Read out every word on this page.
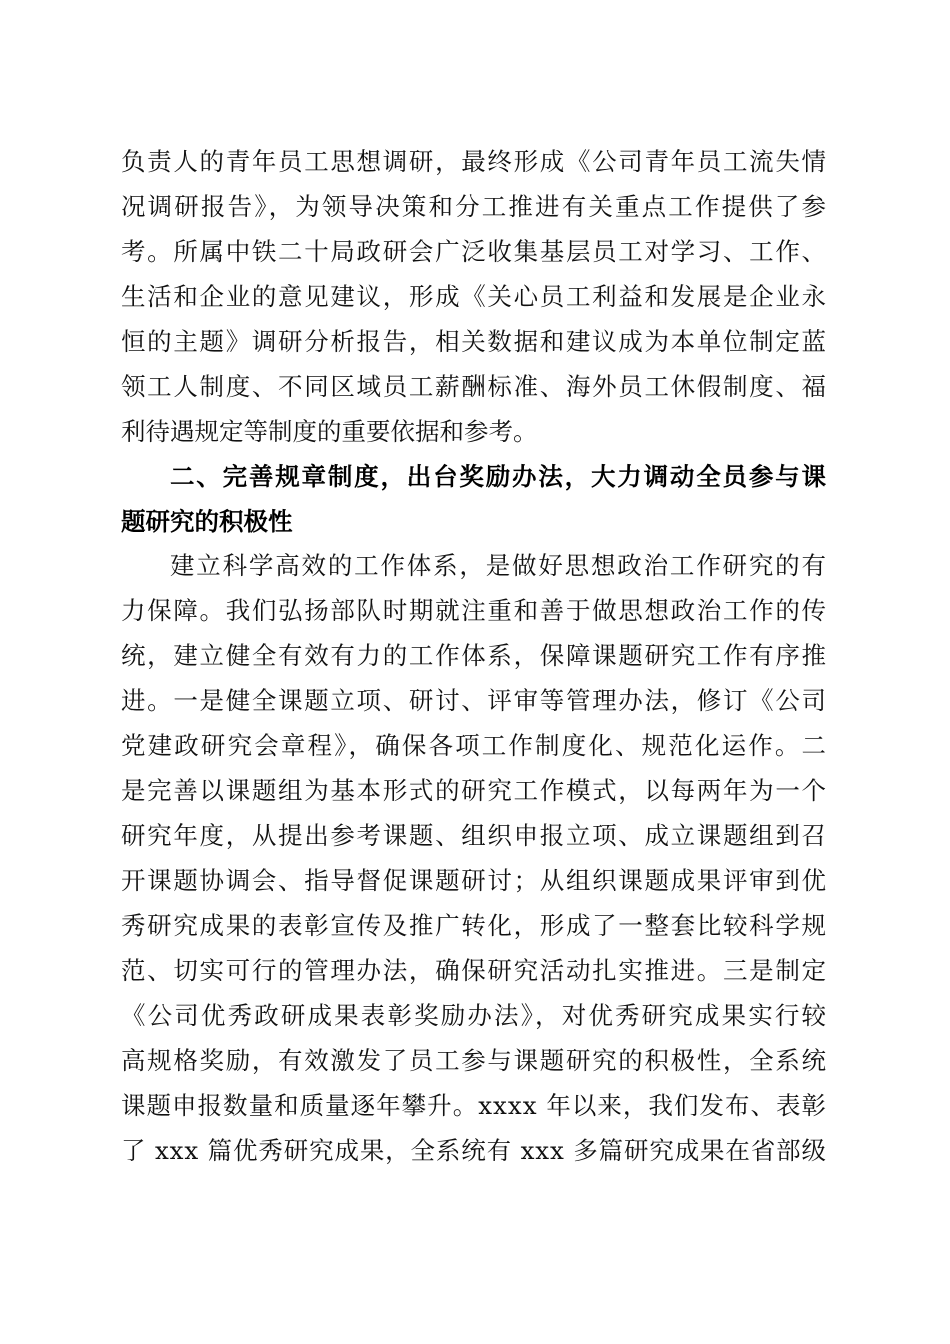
负责人的青年员工思想调研，最终形成《公司青年员工流失情
况调研报告》，为领导决策和分工推进有关重点工作提供了参
考。所属中铁二十局政研会广泛收集基层员工对学习、工作、
生活和企业的意见建议，形成《关心员工利益和发展是企业永
恒的主题》调研分析报告，相关数据和建议成为本单位制定蓝
领工人制度、不同区域员工薪酬标准、海外员工休假制度、福
利待遇规定等制度的重要依据和参考。
二、完善规章制度，出台奖励办法，大力调动全员参与课
题研究的积极性
建立科学高效的工作体系，是做好思想政治工作研究的有
力保障。我们弘扬部队时期就注重和善于做思想政治工作的传
统，建立健全有效有力的工作体系，保障课题研究工作有序推
进。一是健全课题立项、研讨、评审等管理办法，修订《公司
党建政研究会章程》，确保各项工作制度化、规范化运作。二
是完善以课题组为基本形式的研究工作模式，以每两年为一个
研究年度，从提出参考课题、组织申报立项、成立课题组到召
开课题协调会、指导督促课题研讨；从组织课题成果评审到优
秀研究成果的表彰宣传及推广转化，形成了一整套比较科学规
范、切实可行的管理办法，确保研究活动扎实推进。三是制定
《公司优秀政研成果表彰奖励办法》，对优秀研究成果实行较
高规格奖励，有效激发了员工参与课题研究的积极性，全系统
课题申报数量和质量逐年攀升。xxxx 年以来，我们发布、表彰
了 xxx 篇优秀研究成果，全系统有 xxx 多篇研究成果在省部级
